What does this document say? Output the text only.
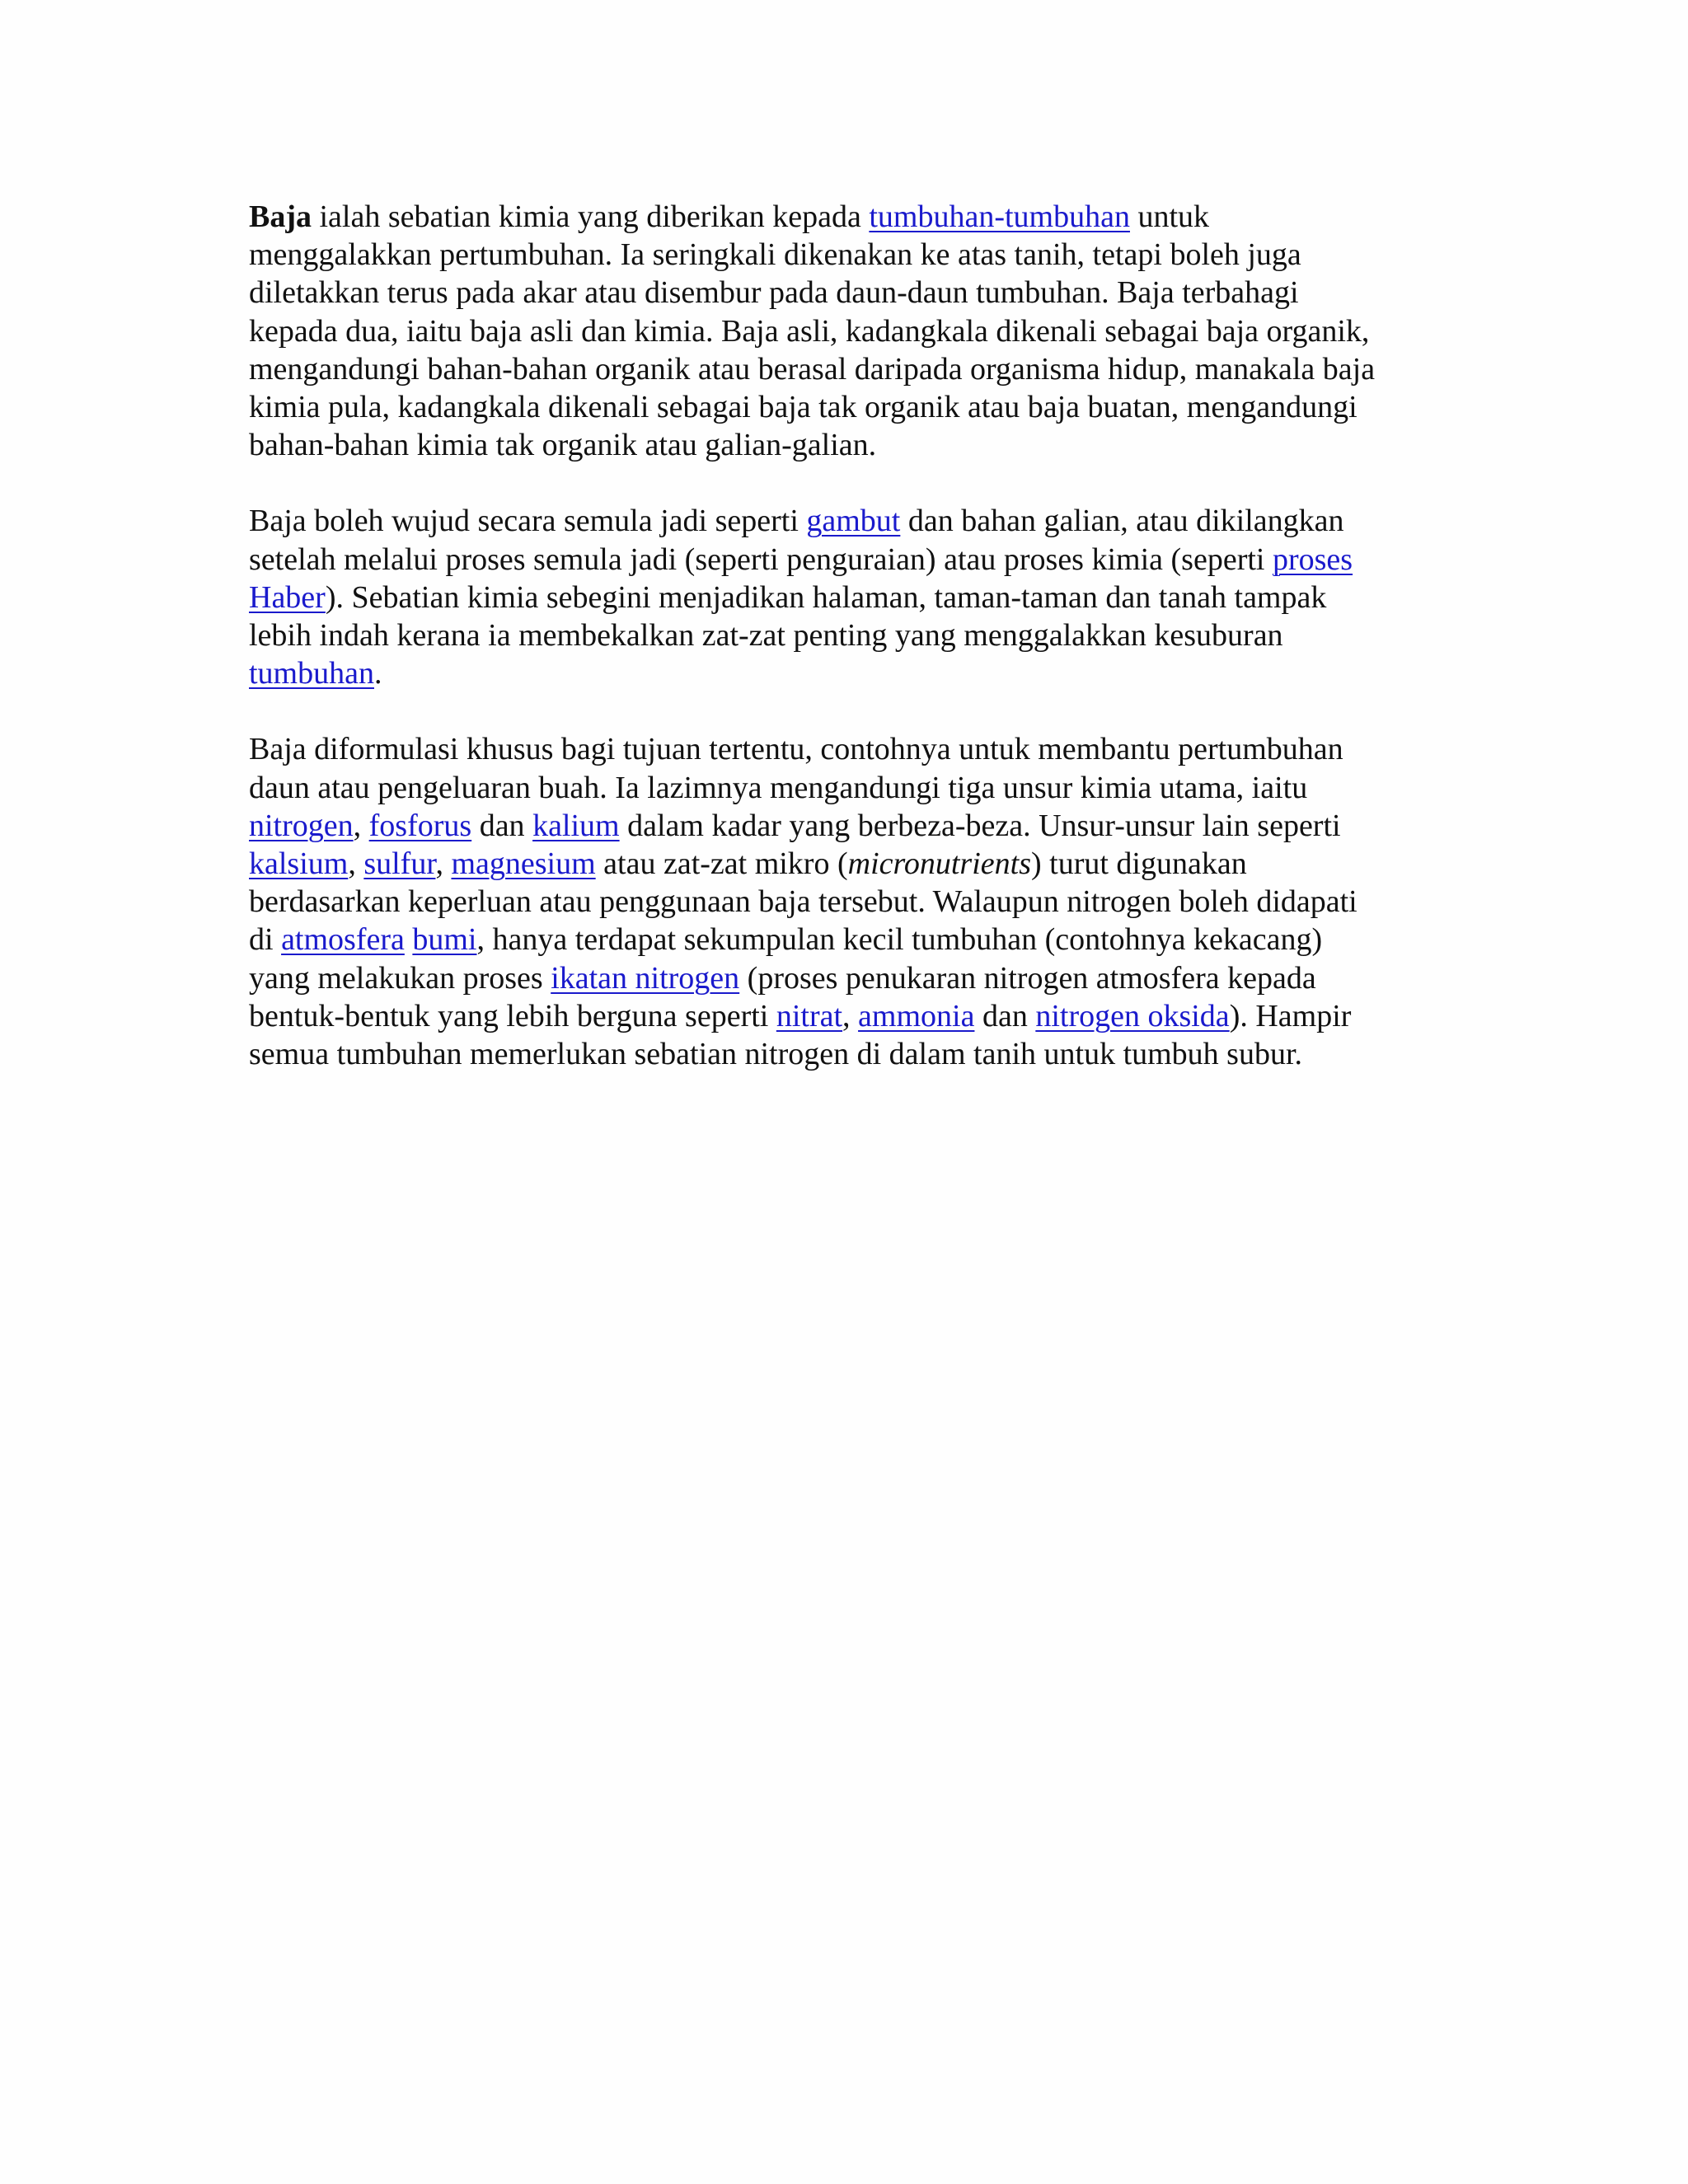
Baja ialah sebatian kimia yang diberikan kepada tumbuhan-tumbuhan untuk
menggalakkan pertumbuhan. Ia seringkali dikenakan ke atas tanih, tetapi boleh juga
diletakkan terus pada akar atau disembur pada daun-daun tumbuhan. Baja terbahagi
kepada dua, iaitu baja asli dan kimia. Baja asli, kadangkala dikenali sebagai baja organik,
mengandungi bahan-bahan organik atau berasal daripada organisma hidup, manakala baja
kimia pula, kadangkala dikenali sebagai baja tak organik atau baja buatan, mengandungi
bahan-bahan kimia tak organik atau galian-galian.

Baja boleh wujud secara semula jadi seperti gambut dan bahan galian, atau dikilangkan
setelah melalui proses semula jadi (seperti penguraian) atau proses kimia (seperti proses
Haber). Sebatian kimia sebegini menjadikan halaman, taman-taman dan tanah tampak
lebih indah kerana ia membekalkan zat-zat penting yang menggalakkan kesuburan
tumbuhan.

Baja diformulasi khusus bagi tujuan tertentu, contohnya untuk membantu pertumbuhan
daun atau pengeluaran buah. Ia lazimnya mengandungi tiga unsur kimia utama, iaitu
nitrogen, fosforus dan kalium dalam kadar yang berbeza-beza. Unsur-unsur lain seperti
kalsium, sulfur, magnesium atau zat-zat mikro (micronutrients) turut digunakan
berdasarkan keperluan atau penggunaan baja tersebut. Walaupun nitrogen boleh didapati
di atmosfera bumi, hanya terdapat sekumpulan kecil tumbuhan (contohnya kekacang)
yang melakukan proses ikatan nitrogen (proses penukaran nitrogen atmosfera kepada
bentuk-bentuk yang lebih berguna seperti nitrat, ammonia dan nitrogen oksida). Hampir
semua tumbuhan memerlukan sebatian nitrogen di dalam tanih untuk tumbuh subur.
